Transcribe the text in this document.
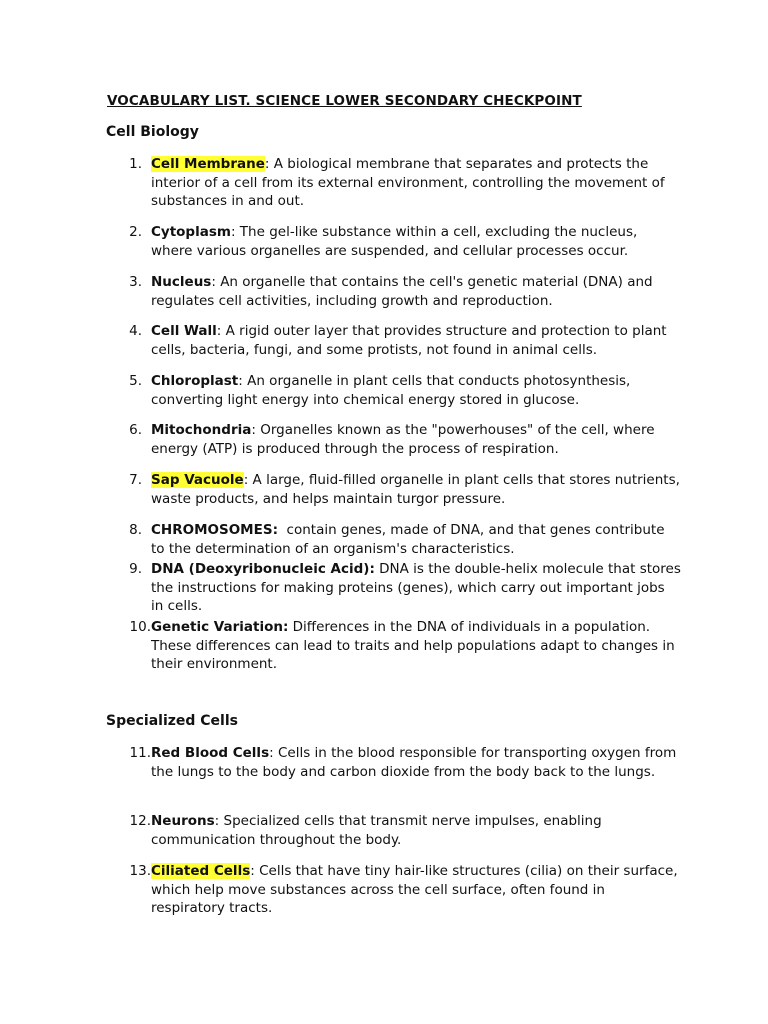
VOCABULARY LIST. SCIENCE LOWER SECONDARY CHECKPOINT
Cell Biology
1. Cell Membrane: A biological membrane that separates and protects the interior of a cell from its external environment, controlling the movement of substances in and out.
2. Cytoplasm: The gel-like substance within a cell, excluding the nucleus, where various organelles are suspended, and cellular processes occur.
3. Nucleus: An organelle that contains the cell's genetic material (DNA) and regulates cell activities, including growth and reproduction.
4. Cell Wall: A rigid outer layer that provides structure and protection to plant cells, bacteria, fungi, and some protists, not found in animal cells.
5. Chloroplast: An organelle in plant cells that conducts photosynthesis, converting light energy into chemical energy stored in glucose.
6. Mitochondria: Organelles known as the "powerhouses" of the cell, where energy (ATP) is produced through the process of respiration.
7. Sap Vacuole: A large, fluid-filled organelle in plant cells that stores nutrients, waste products, and helps maintain turgor pressure.
8. CHROMOSOMES:  contain genes, made of DNA, and that genes contribute to the determination of an organism's characteristics.
9. DNA (Deoxyribonucleic Acid): DNA is the double-helix molecule that stores the instructions for making proteins (genes), which carry out important jobs in cells.
10. Genetic Variation: Differences in the DNA of individuals in a population. These differences can lead to traits and help populations adapt to changes in their environment.
Specialized Cells
11. Red Blood Cells: Cells in the blood responsible for transporting oxygen from the lungs to the body and carbon dioxide from the body back to the lungs.
12. Neurons: Specialized cells that transmit nerve impulses, enabling communication throughout the body.
13. Ciliated Cells: Cells that have tiny hair-like structures (cilia) on their surface, which help move substances across the cell surface, often found in respiratory tracts.
